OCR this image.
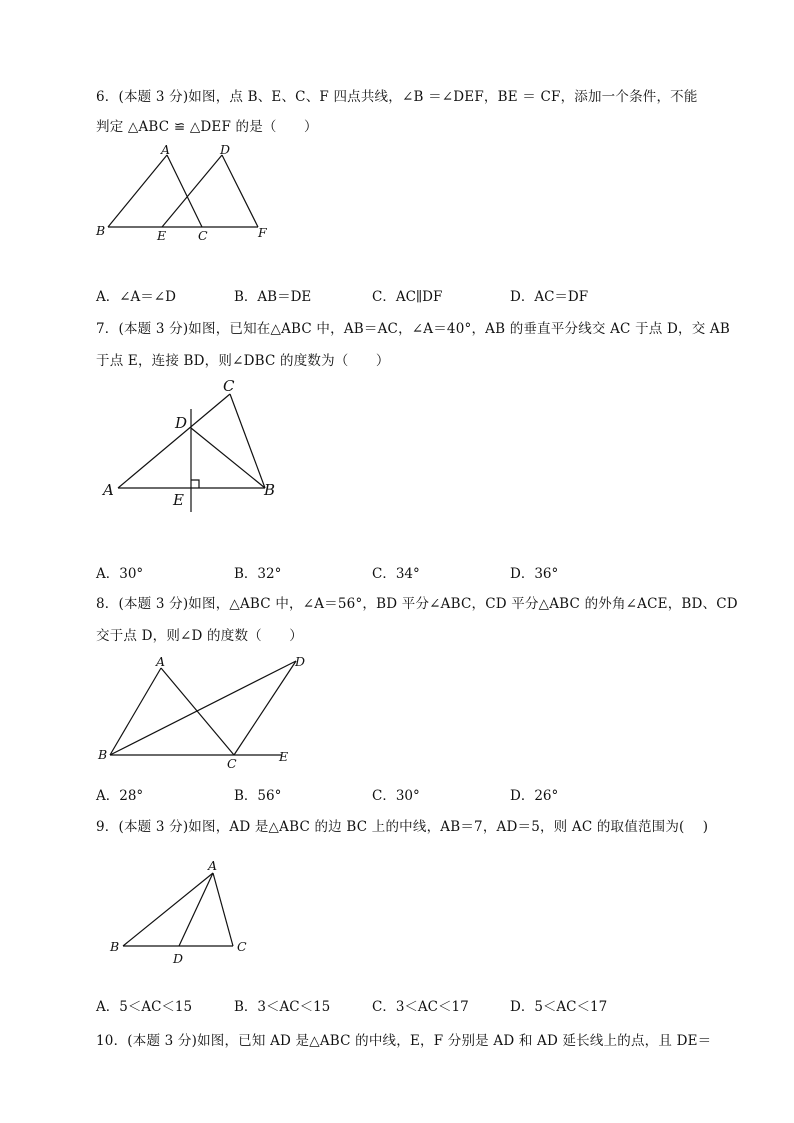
6．(本题 3 分)如图，点 B、E、C、F 四点共线，∠B ＝∠DEF，BE ＝ CF，添加一个条件，不能
判定 △ABC ≌ △DEF 的是（　　）
A	D
B	E	C	F
A．∠A＝∠D	B．AB＝DE	C．AC∥DF	D．AC＝DF
7．(本题 3 分)如图，已知在△ABC 中，AB＝AC，∠A＝40°，AB 的垂直平分线交 AC 于点 D，交 AB
于点 E，连接 BD，则∠DBC 的度数为（　　）
C
D
A	B
E
A．30°	B．32°	C．34°	D．36°
8．(本题 3 分)如图，△ABC 中，∠A＝56°，BD 平分∠ABC，CD 平分△ABC 的外角∠ACE，BD、CD
交于点 D，则∠D 的度数（　　）
A	D
B
C	E
A．28°	B．56°	C．30°	D．26°
9．(本题 3 分)如图，AD 是△ABC 的边 BC 上的中线，AB＝7，AD＝5，则 AC 的取值范围为(　 )
A
B	C
D
A．5＜AC＜15	B．3＜AC＜15	C．3＜AC＜17	D．5＜AC＜17
10．(本题 3 分)如图，已知 AD 是△ABC 的中线，E，F 分别是 AD 和 AD 延长线上的点，且 DE＝
